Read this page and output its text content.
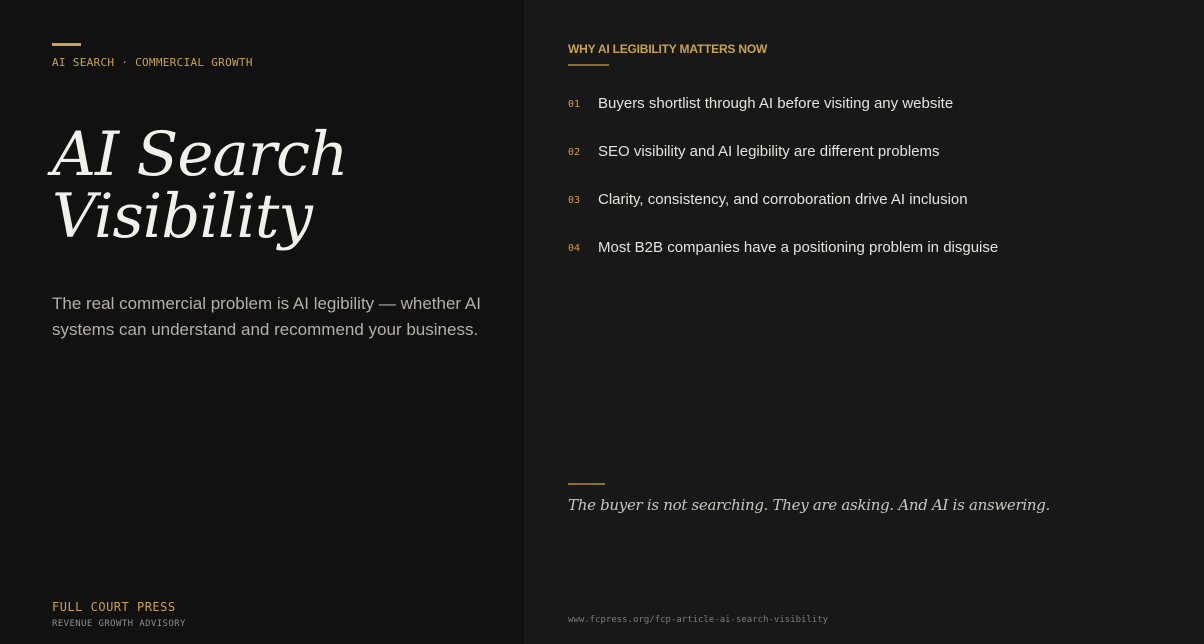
AI SEARCH · COMMERCIAL GROWTH
AI Search
Visibility

The real commercial problem is AI legibility — whether AI systems can understand and recommend your business.

FULL COURT PRESS
REVENUE GROWTH ADVISORY
WHY AI LEGIBILITY MATTERS NOW
01	Buyers shortlist through AI before visiting any website
02	SEO visibility and AI legibility are different problems
03	Clarity, consistency, and corroboration drive AI inclusion
04	Most B2B companies have a positioning problem in disguise

The buyer is not searching. They are asking. And AI is answering.

www.fcpress.org/fcp-article-ai-search-visibility
